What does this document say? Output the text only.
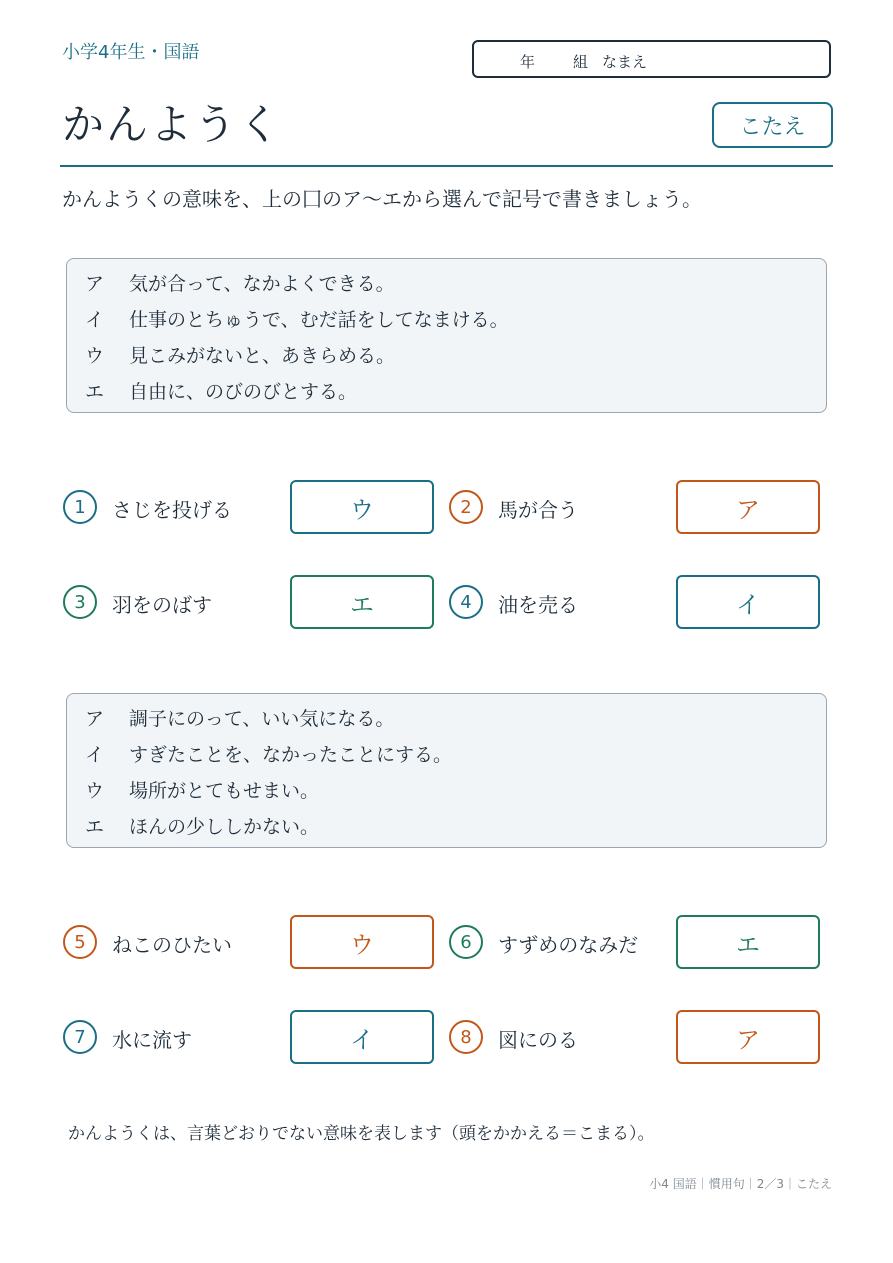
小学4年生・国語	年	組 なまえ
かんようく	こたえ
かんようくの意味を、上の囗のア〜エから選んで記号で書きましょう。
ア 気が合って、なかよくできる。
イ 仕事のとちゅうで、むだ話をしてなまける。
ウ 見こみがないと、あきらめる。
エ 自由に、のびのびとする。
1	さじを投げる	ウ	2	馬が合う	ア
3	羽をのばす	エ	4	油を売る	イ
ア 調子にのって、いい気になる。
イ すぎたことを、なかったことにする。
ウ 場所がとてもせまい。
エ ほんの少ししかない。
5	ねこのひたい	ウ	6	すずめのなみだ	エ
7	水に流す	イ	8	図にのる	ア
かんようくは、言葉どおりでない意味を表します（頭をかかえる＝こまる）。
小4 国語｜慣用句｜2／3｜こたえ
